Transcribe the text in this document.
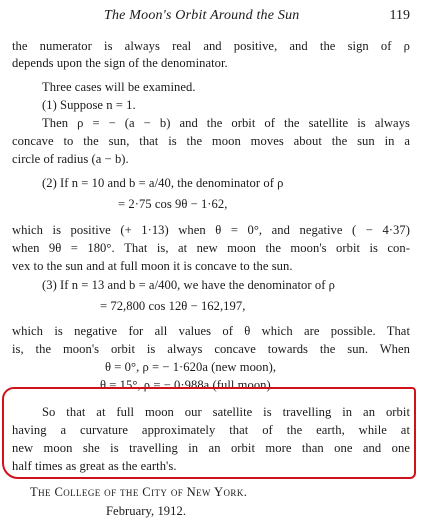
The Moon's Orbit Around the Sun	119
the numerator is always real and positive, and the sign of ρ
depends upon the sign of the denominator.
Three cases will be examined.
(1) Suppose n = 1.
Then ρ = − (a − b) and the orbit of the satellite is always
concave to the sun, that is the moon moves about the sun in a
circle of radius (a − b).
(2) If n = 10 and b = a/40, the denominator of ρ
= 2·75 cos 9θ − 1·62,
which is positive (+ 1·13) when θ = 0°, and negative ( − 4·37)
when 9θ = 180°. That is, at new moon the moon's orbit is con-
vex to the sun and at full moon it is concave to the sun.
(3) If n = 13 and b = a/400, we have the denominator of ρ
= 72,800 cos 12θ − 162,197,
which is negative for all values of θ which are possible. That
is, the moon's orbit is always concave towards the sun. When
θ = 0°, ρ = − 1·620a (new moon),
θ = 15°, ρ = − 0·988a (full moon).
So that at full moon our satellite is travelling in an orbit
having a curvature approximately that of the earth, while at
new moon she is travelling in an orbit more than one and one
half times as great as the earth's.
The College of the City of New York.
February, 1912.
